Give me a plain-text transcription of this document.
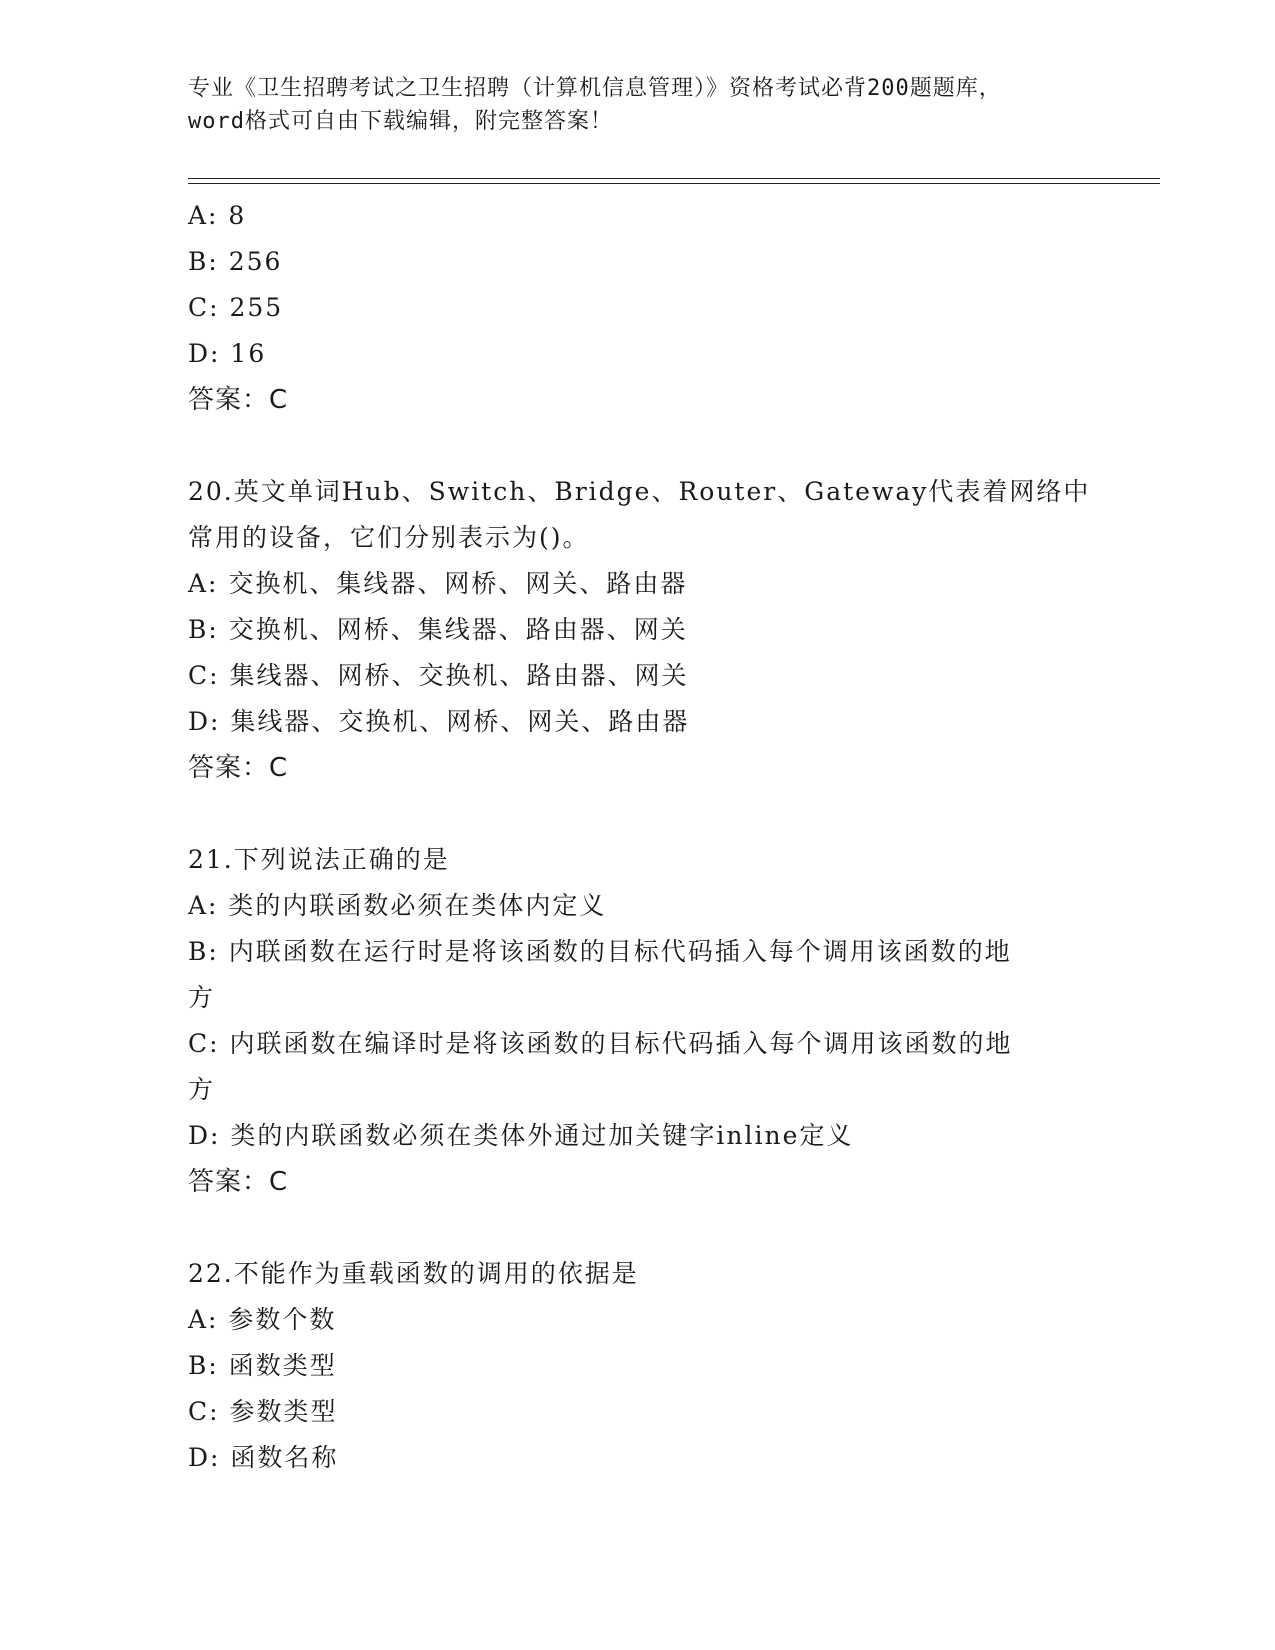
专业《卫生招聘考试之卫生招聘（计算机信息管理）》资格考试必背200题题库，
word格式可自由下载编辑，附完整答案！
A: 8
B: 256
C: 255
D: 16
答案：C
20.英文单词Hub、Switch、Bridge、Router、Gateway代表着网络中
常用的设备，它们分别表示为()。
A: 交换机、集线器、网桥、网关、路由器
B: 交换机、网桥、集线器、路由器、网关
C: 集线器、网桥、交换机、路由器、网关
D: 集线器、交换机、网桥、网关、路由器
答案：C
21.下列说法正确的是
A: 类的内联函数必须在类体内定义
B: 内联函数在运行时是将该函数的目标代码插入每个调用该函数的地
方
C: 内联函数在编译时是将该函数的目标代码插入每个调用该函数的地
方
D: 类的内联函数必须在类体外通过加关键字inline定义
答案：C
22.不能作为重载函数的调用的依据是
A: 参数个数
B: 函数类型
C: 参数类型
D: 函数名称
